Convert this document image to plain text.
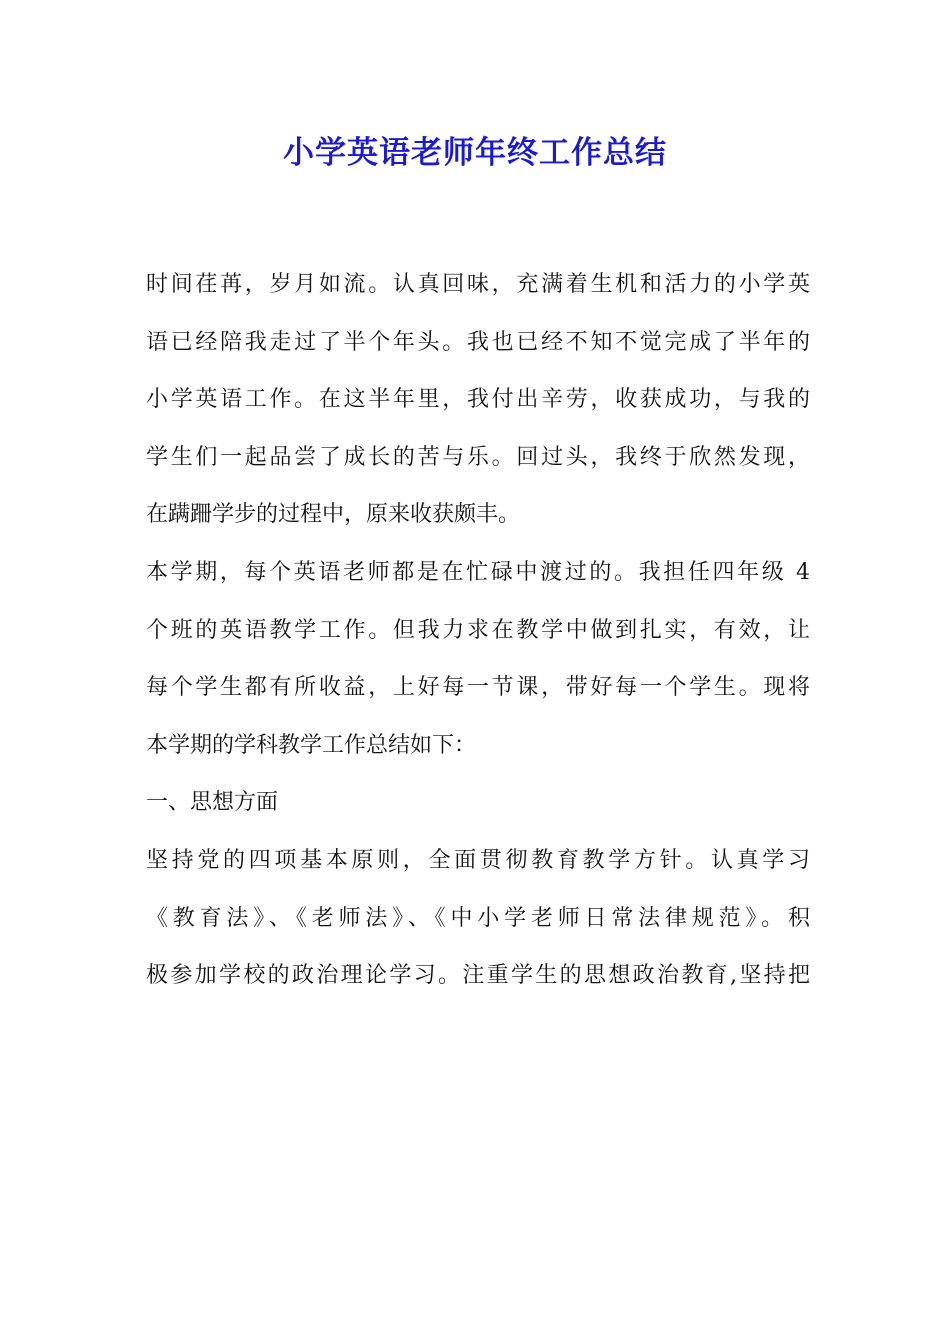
小学英语老师年终工作总结
时间荏苒，岁月如流。认真回味，充满着生机和活力的小学英
语已经陪我走过了半个年头。我也已经不知不觉完成了半年的
小学英语工作。在这半年里，我付出辛劳，收获成功，与我的
学生们一起品尝了成长的苦与乐。回过头，我终于欣然发现，
在蹒跚学步的过程中，原来收获颇丰。
本学期，每个英语老师都是在忙碌中渡过的。我担任四年级 4
个班的英语教学工作。但我力求在教学中做到扎实，有效，让
每个学生都有所收益，上好每一节课，带好每一个学生。现将
本学期的学科教学工作总结如下：
一、思想方面
坚持党的四项基本原则，全面贯彻教育教学方针。认真学习
《教育法》、《老师法》、《中小学老师日常法律规范》。积
极参加学校的政治理论学习。注重学生的思想政治教育,坚持把
